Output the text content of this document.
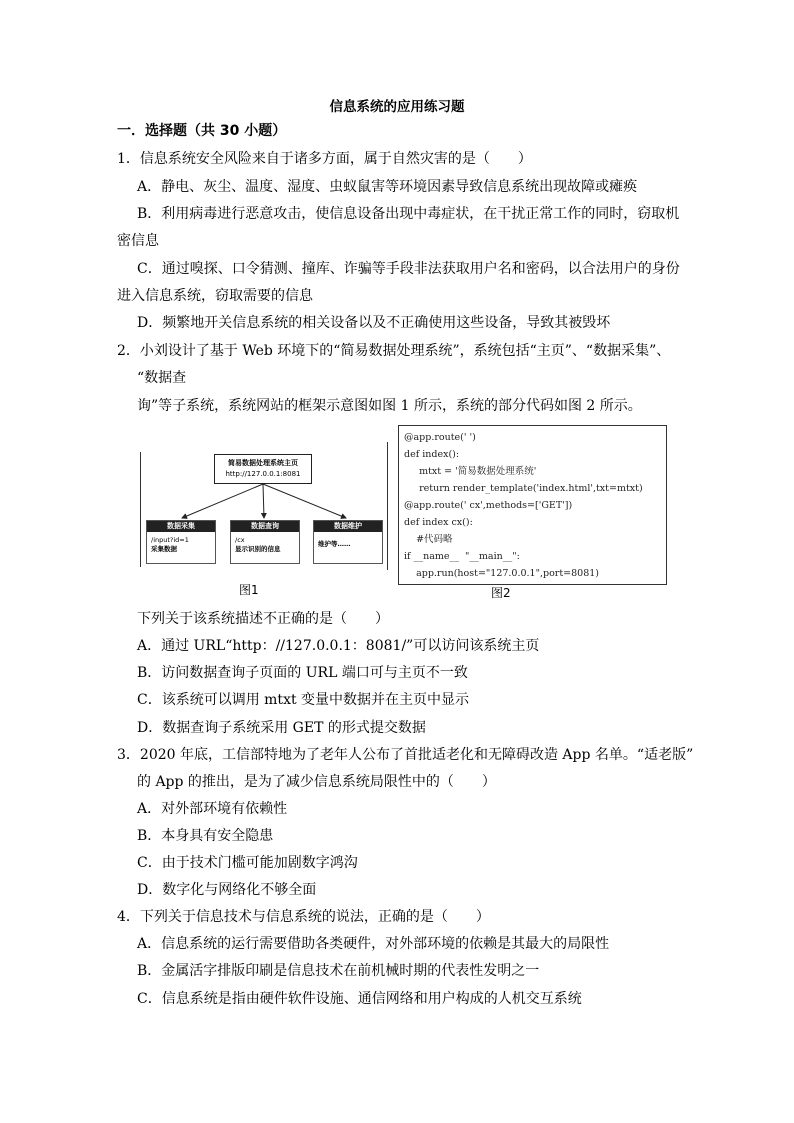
信息系统的应用练习题
一．选择题（共 30 小题）
1．信息系统安全风险来自于诸多方面，属于自然灾害的是（　　）
A．静电、灰尘、温度、湿度、虫蚁鼠害等环境因素导致信息系统出现故障或瘫痪
B．利用病毒进行恶意攻击，使信息设备出现中毒症状，在干扰正常工作的同时，窃取机
密信息
C．通过嗅探、口令猜测、撞库、诈骗等手段非法获取用户名和密码，以合法用户的身份
进入信息系统，窃取需要的信息
D．频繁地开关信息系统的相关设备以及不正确使用这些设备，导致其被毁坏
2．小刘设计了基于 Web 环境下的“简易数据处理系统”，系统包括“主页”、“数据采集”、
“数据查
询”等子系统，系统网站的框架示意图如图 1 所示，系统的部分代码如图 2 所示。
简易数据处理系统主页
http://127.0.0.1:8081
数据采集
/input?id=1
采集数据
数据查询
/cx
显示识别的信息
数据维护
维护等……
图1
@app.route(' ')
def index():
mtxt = '简易数据处理系统'
return render_template('index.html',txt=mtxt)
@app.route(' cx',methods=['GET'])
def index cx():
#代码略
if __name__  "__main__":
app.run(host="127.0.0.1",port=8081)
图2
下列关于该系统描述不正确的是（　　）
A．通过 URL“http：//127.0.0.1：8081/”可以访问该系统主页
B．访问数据查询子页面的 URL 端口可与主页不一致
C．该系统可以调用 mtxt 变量中数据并在主页中显示
D．数据查询子系统采用 GET 的形式提交数据
3．2020 年底，工信部特地为了老年人公布了首批适老化和无障碍改造 App 名单。“适老版”
的 App 的推出，是为了减少信息系统局限性中的（　　）
A．对外部环境有依赖性
B．本身具有安全隐患
C．由于技术门槛可能加剧数字鸿沟
D．数字化与网络化不够全面
4．下列关于信息技术与信息系统的说法，正确的是（　　）
A．信息系统的运行需要借助各类硬件，对外部环境的依赖是其最大的局限性
B．金属活字排版印刷是信息技术在前机械时期的代表性发明之一
C．信息系统是指由硬件软件设施、通信网络和用户构成的人机交互系统
